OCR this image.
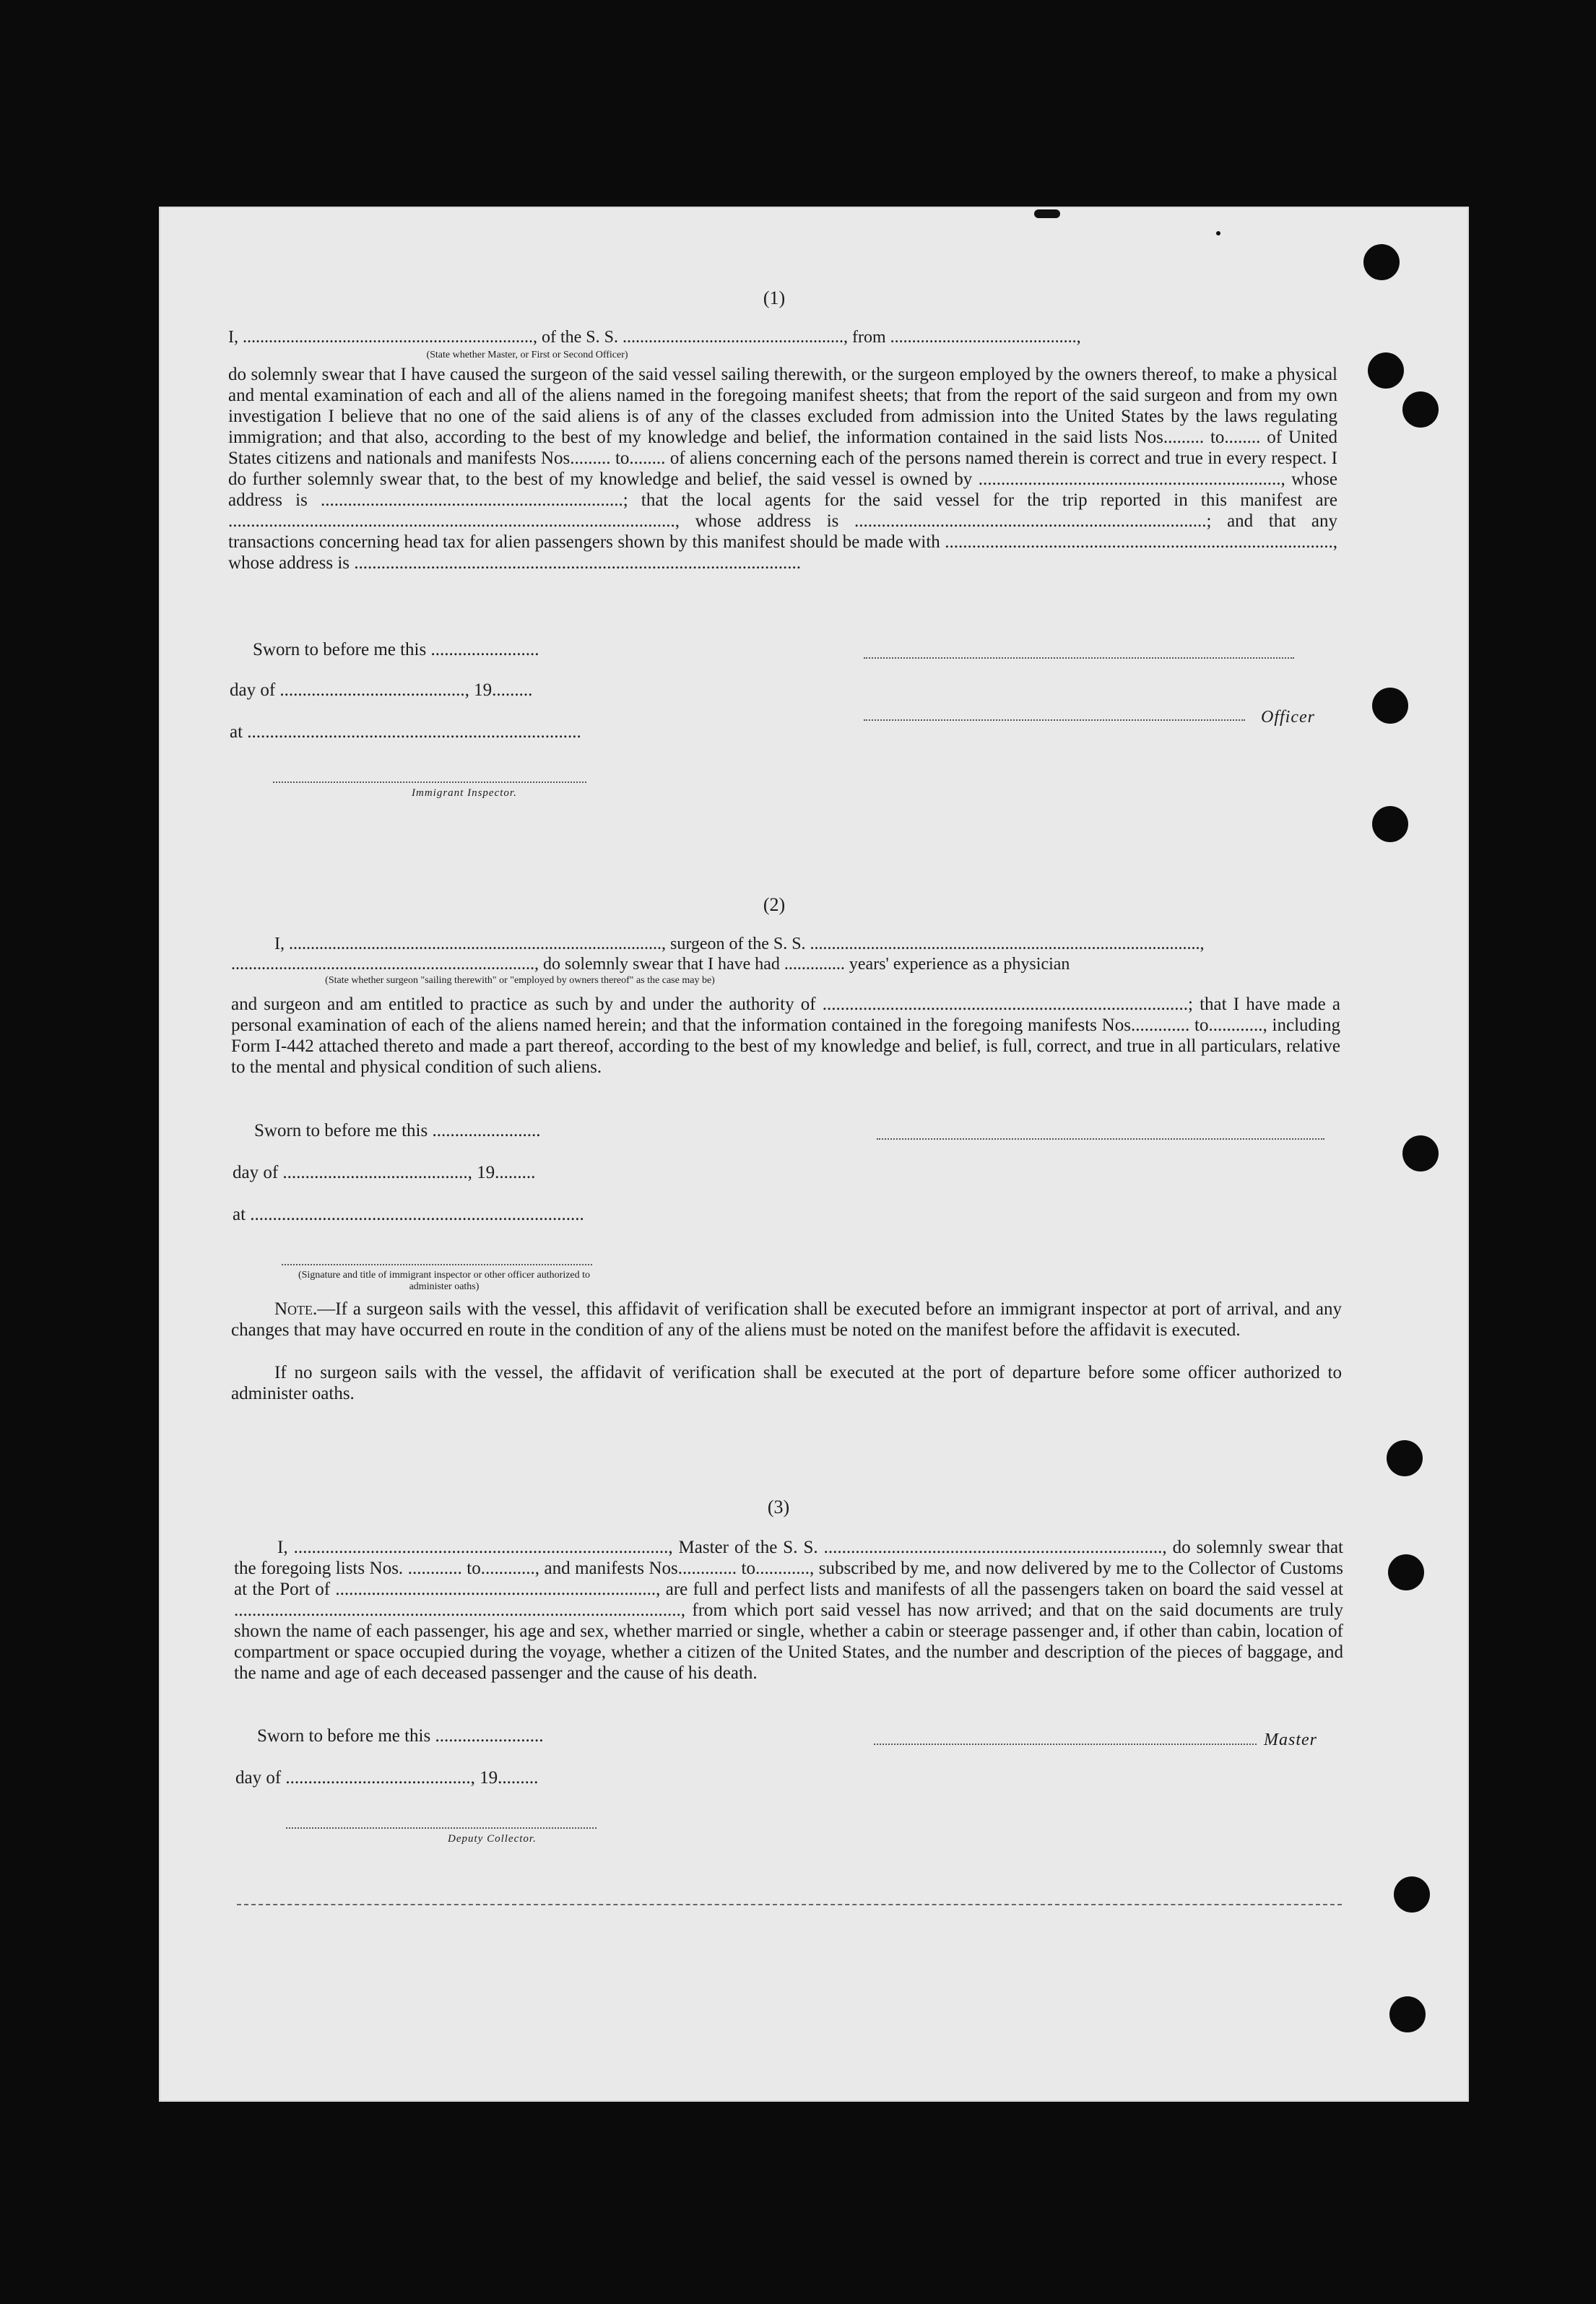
(1)
I, ..................................................................., of the S. S. ..................................................., from ...........................................,
(State whether Master, or First or Second Officer)
do solemnly swear that I have caused the surgeon of the said vessel sailing therewith, or the surgeon employed by the owners thereof, to make a physical and mental examination of each and all of the aliens named in the foregoing manifest sheets; that from the report of the said surgeon and from my own investigation I believe that no one of the said aliens is of any of the classes excluded from admission into the United States by the laws regulating immigration; and that also, according to the best of my knowledge and belief, the information contained in the said lists Nos......... to........ of United States citizens and nationals and manifests Nos......... to........ of aliens concerning each of the persons named therein is correct and true in every respect. I do further solemnly swear that, to the best of my knowledge and belief, the said vessel is owned by ..................................................................., whose address is ...................................................................; that the local agents for the said vessel for the trip reported in this manifest are ..................................................................................................., whose address is ..............................................................................; and that any transactions concerning head tax for alien passengers shown by this manifest should be made with ......................................................................................, whose address is ...................................................................................................
Sworn to before me this ........................
day of ........................................., 19.........
at ..........................................................................
Immigrant Inspector.
Officer
(2)
I, ......................................................................................, surgeon of the S. S. ..........................................................................................,
......................................................................, do solemnly swear that I have had .............. years' experience as a physician
(State whether surgeon "sailing therewith" or "employed by owners thereof" as the case may be)
and surgeon and am entitled to practice as such by and under the authority of .................................................................................; that I have made a personal examination of each of the aliens named herein; and that the information contained in the foregoing manifests Nos............. to............, including Form I-442 attached thereto and made a part thereof, according to the best of my knowledge and belief, is full, correct, and true in all particulars, relative to the mental and physical condition of such aliens.
Sworn to before me this ........................
day of ........................................., 19.........
at ..........................................................................
(Signature and title of immigrant inspector or other officer authorized to administer oaths)
Note.—If a surgeon sails with the vessel, this affidavit of verification shall be executed before an immigrant inspector at port of arrival, and any changes that may have occurred en route in the condition of any of the aliens must be noted on the manifest before the affidavit is executed.
If no surgeon sails with the vessel, the affidavit of verification shall be executed at the port of departure before some officer authorized to administer oaths.
(3)
I, ..................................................................................., Master of the S. S. ..........................................................................., do solemnly swear that the foregoing lists Nos. ............ to............, and manifests Nos............. to............, subscribed by me, and now delivered by me to the Collector of Customs at the Port of ......................................................................., are full and perfect lists and manifests of all the passengers taken on board the said vessel at ..................................................................................................., from which port said vessel has now arrived; and that on the said documents are truly shown the name of each passenger, his age and sex, whether married or single, whether a cabin or steerage passenger and, if other than cabin, location of compartment or space occupied during the voyage, whether a citizen of the United States, and the number and description of the pieces of baggage, and the name and age of each deceased passenger and the cause of his death.
Sworn to before me this ........................	Master
day of ........................................., 19.........
Deputy Collector.
